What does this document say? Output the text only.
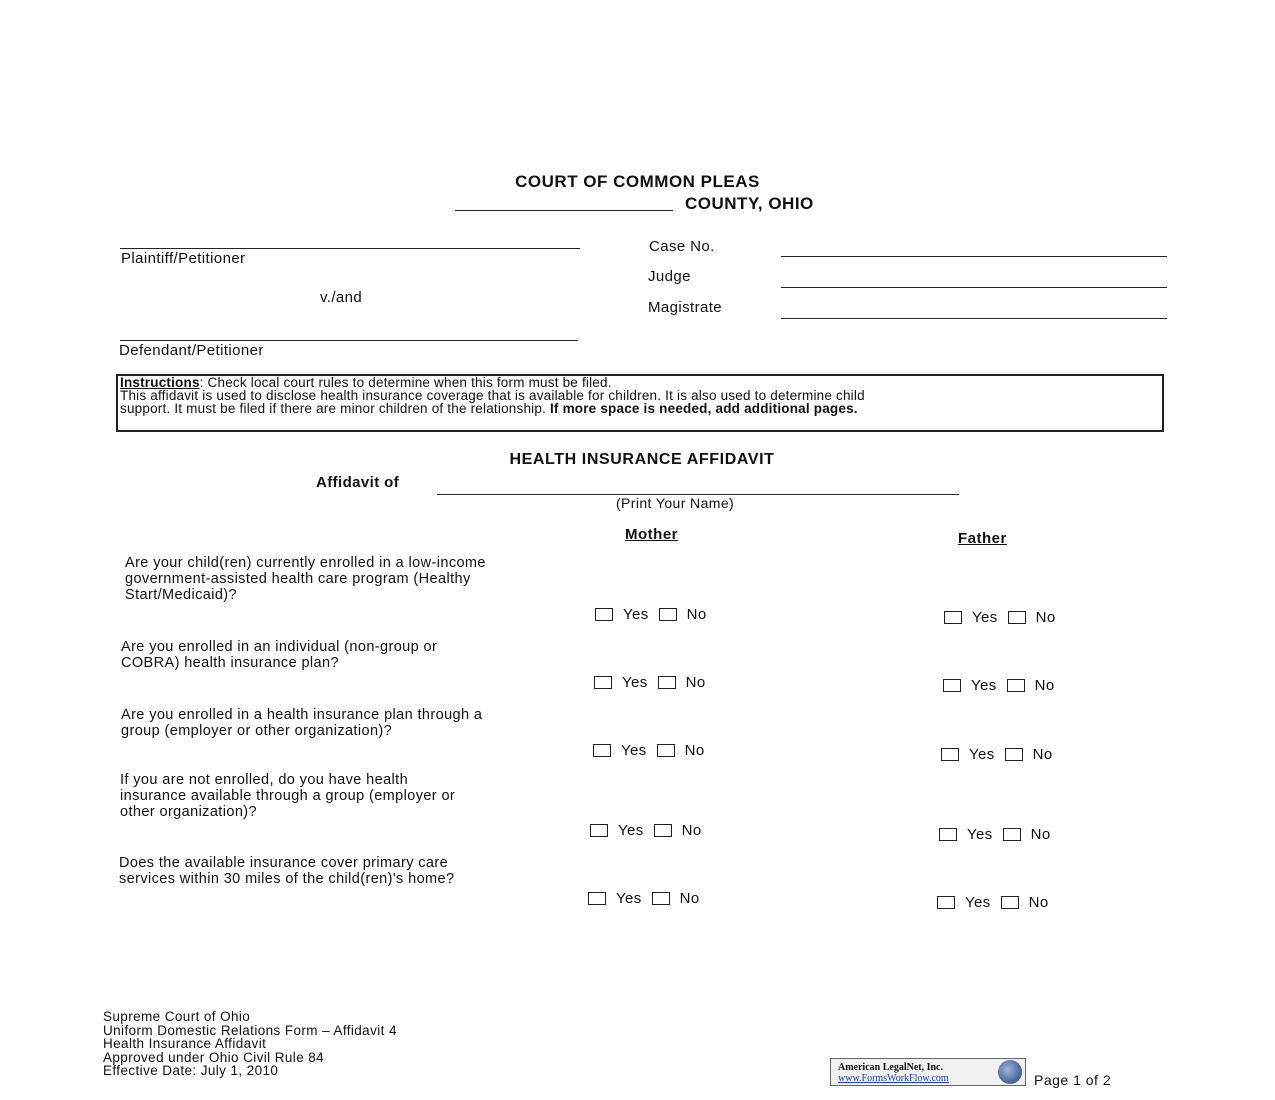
COURT OF COMMON PLEAS
COUNTY, OHIO
Plaintiff/Petitioner
v./and
Defendant/Petitioner
Case No.
Judge
Magistrate
Instructions: Check local court rules to determine when this form must be filed.
This affidavit is used to disclose health insurance coverage that is available for children. It is also used to determine child
support. It must be filed if there are minor children of the relationship. If more space is needed, add additional pages.
HEALTH INSURANCE AFFIDAVIT
Affidavit of
(Print Your Name)
Mother	Father
Are your child(ren) currently enrolled in a low-income government-assisted health care program (Healthy Start/Medicaid)?
Yes	No	Yes	No
Are you enrolled in an individual (non-group or COBRA) health insurance plan?
Yes	No	Yes	No
Are you enrolled in a health insurance plan through a group (employer or other organization)?
Yes	No	Yes	No
If you are not enrolled, do you have health insurance available through a group (employer or other organization)?
Yes	No	Yes	No
Does the available insurance cover primary care services within 30 miles of the child(ren)'s home?
Yes	No	Yes	No
Supreme Court of Ohio
Uniform Domestic Relations Form – Affidavit 4
Health Insurance Affidavit
Approved under Ohio Civil Rule 84
Effective Date: July 1, 2010	American LegalNet, Inc.
www.FormsWorkFlow.com	Page 1 of 2
